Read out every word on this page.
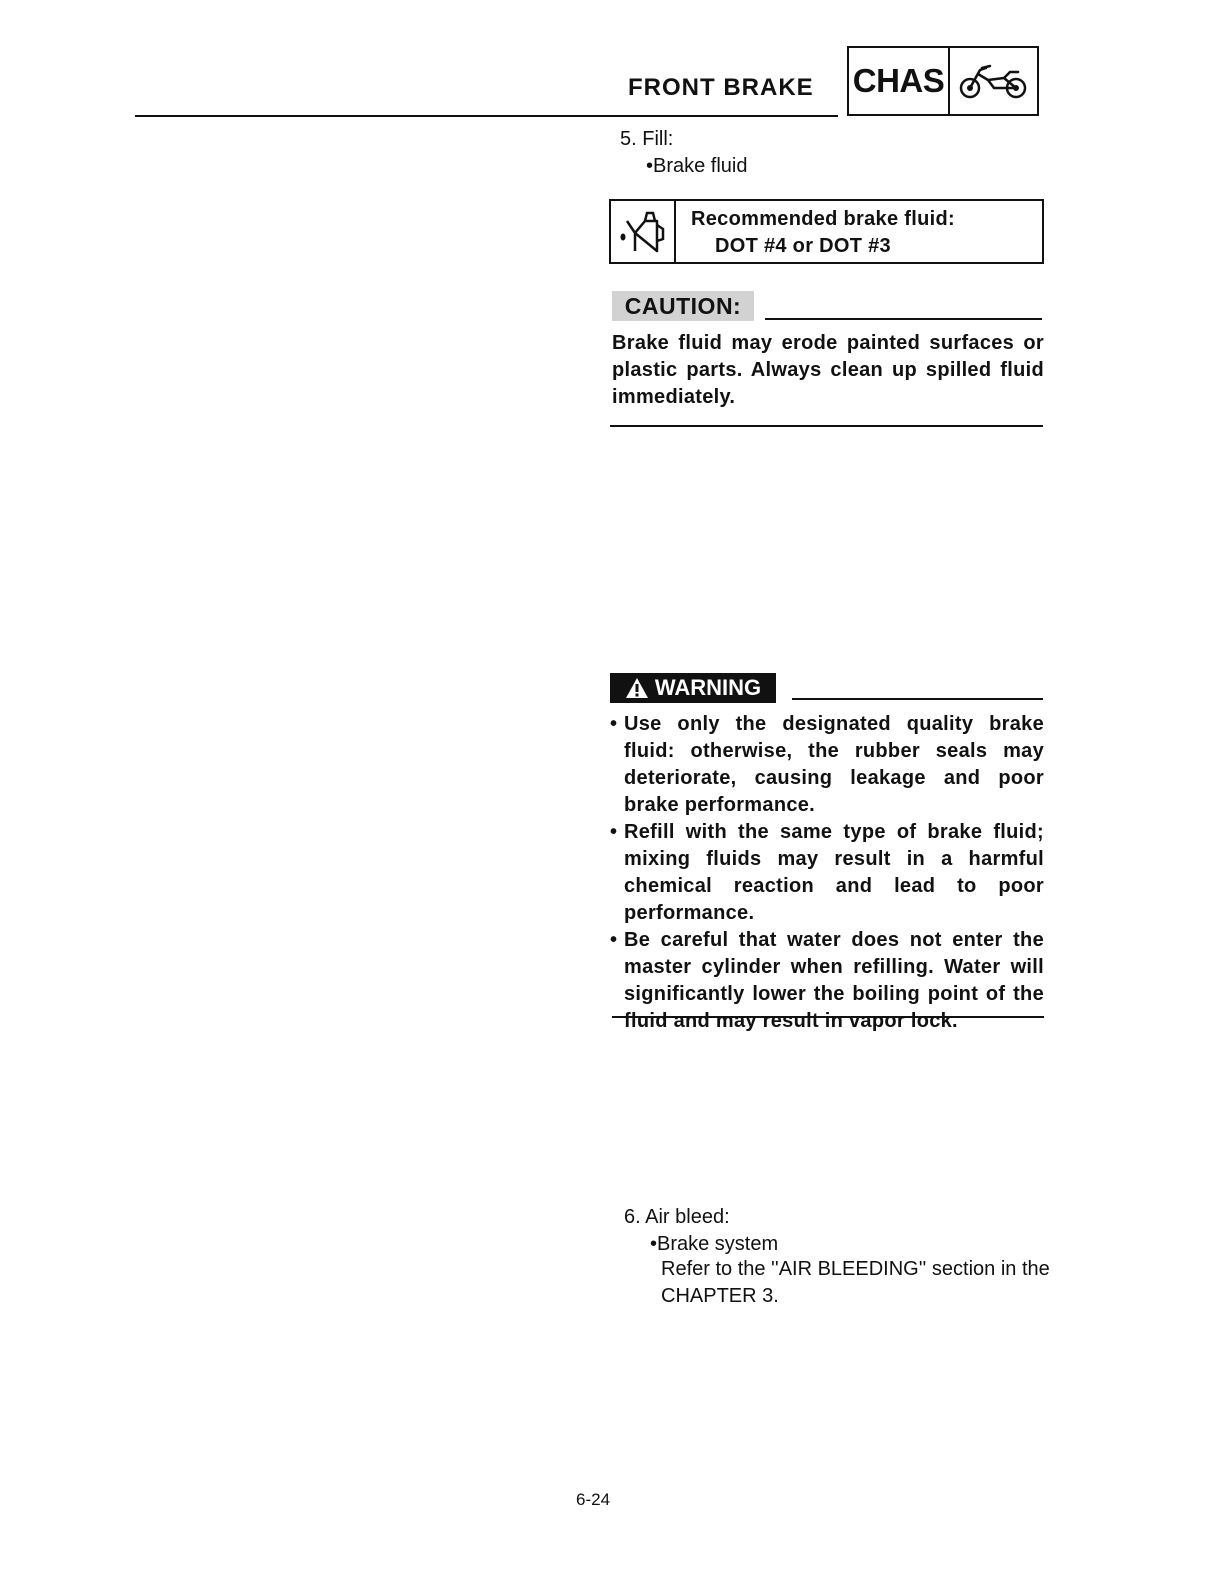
FRONT BRAKE CHAS
5. Fill:
•Brake fluid
Recommended brake fluid:
DOT #4 or DOT #3
CAUTION:
Brake fluid may erode painted surfaces or plastic parts. Always clean up spilled fluid immediately.
WARNING
• Use only the designated quality brake fluid: otherwise, the rubber seals may deteriorate, causing leakage and poor brake performance.
• Refill with the same type of brake fluid; mixing fluids may result in a harmful chemical reaction and lead to poor performance.
• Be careful that water does not enter the master cylinder when refilling. Water will significantly lower the boiling point of the fluid and may result in vapor lock.
6. Air bleed:
•Brake system
Refer to the ''AIR BLEEDING'' section in the
CHAPTER 3.
6-24
